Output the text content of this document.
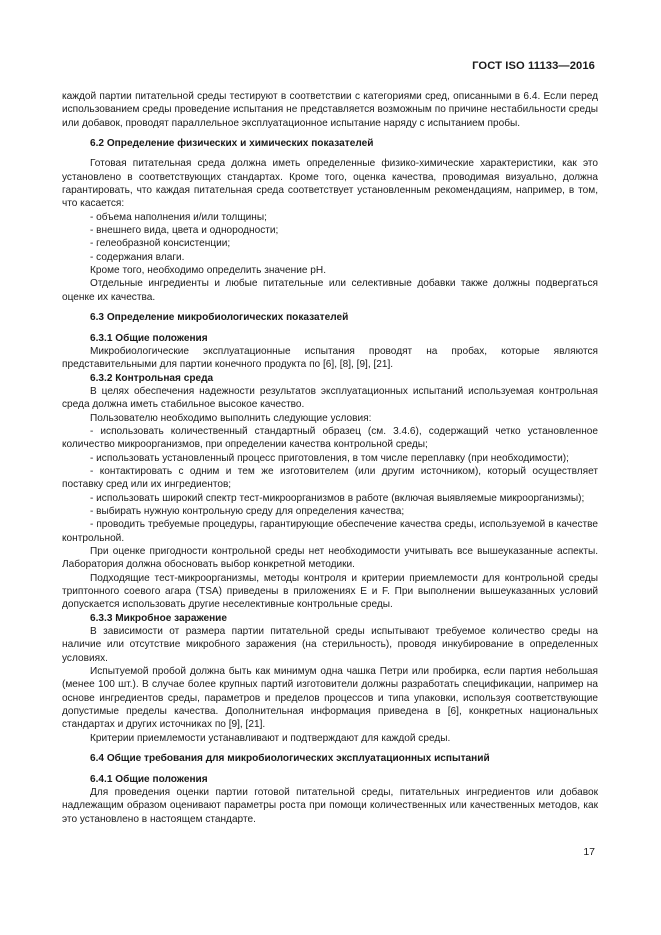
ГОСТ ISO 11133—2016

каждой партии питательной среды тестируют в соответствии с категориями сред, описанными в 6.4. Если перед использованием среды проведение испытания не представляется возможным по причине нестабильности среды или добавок, проводят параллельное эксплуатационное испытание наряду с испытанием пробы.

6.2 Определение физических и химических показателей

Готовая питательная среда должна иметь определенные физико-химические характеристики, как это установлено в соответствующих стандартах. Кроме того, оценка качества, проводимая визуально, должна гарантировать, что каждая питательная среда соответствует установленным рекомендациям, например, в том, что касается:

- объема наполнения и/или толщины;

- внешнего вида, цвета и однородности;

- гелеобразной консистенции;

- содержания влаги.

Кроме того, необходимо определить значение pH.

Отдельные ингредиенты и любые питательные или селективные добавки также должны подвергаться оценке их качества.

6.3 Определение микробиологических показателей

6.3.1 Общие положения

Микробиологические эксплуатационные испытания проводят на пробах, которые являются представительными для партии конечного продукта по [6], [8], [9], [21].

6.3.2 Контрольная среда

В целях обеспечения надежности результатов эксплуатационных испытаний используемая контрольная среда должна иметь стабильное высокое качество.

Пользователю необходимо выполнить следующие условия:

- использовать количественный стандартный образец (см. 3.4.6), содержащий четко установленное количество микроорганизмов, при определении качества контрольной среды;

- использовать установленный процесс приготовления, в том числе переплавку (при необходимости);

- контактировать с одним и тем же изготовителем (или другим источником), который осуществляет поставку сред или их ингредиентов;

- использовать широкий спектр тест-микроорганизмов в работе (включая выявляемые микроорганизмы);

- выбирать нужную контрольную среду для определения качества;

- проводить требуемые процедуры, гарантирующие обеспечение качества среды, используемой в качестве контрольной.

При оценке пригодности контрольной среды нет необходимости учитывать все вышеуказанные аспекты. Лаборатория должна обосновать выбор конкретной методики.

Подходящие тест-микроорганизмы, методы контроля и критерии приемлемости для контрольной среды триптонного соевого агара (TSA) приведены в приложениях Е и F. При выполнении вышеуказанных условий допускается использовать другие неселективные контрольные среды.

6.3.3 Микробное заражение

В зависимости от размера партии питательной среды испытывают требуемое количество среды на наличие или отсутствие микробного заражения (на стерильность), проводя инкубирование в определенных условиях.

Испытуемой пробой должна быть как минимум одна чашка Петри или пробирка, если партия небольшая (менее 100 шт.). В случае более крупных партий изготовители должны разработать спецификации, например на основе ингредиентов среды, параметров и пределов процессов и типа упаковки, используя соответствующие допустимые пределы качества. Дополнительная информация приведена в [6], конкретных национальных стандартах и других источниках по [9], [21].

Критерии приемлемости устанавливают и подтверждают для каждой среды.

6.4 Общие требования для микробиологических эксплуатационных испытаний

6.4.1 Общие положения

Для проведения оценки партии готовой питательной среды, питательных ингредиентов или добавок надлежащим образом оценивают параметры роста при помощи количественных или качественных методов, как это установлено в настоящем стандарте.

17
